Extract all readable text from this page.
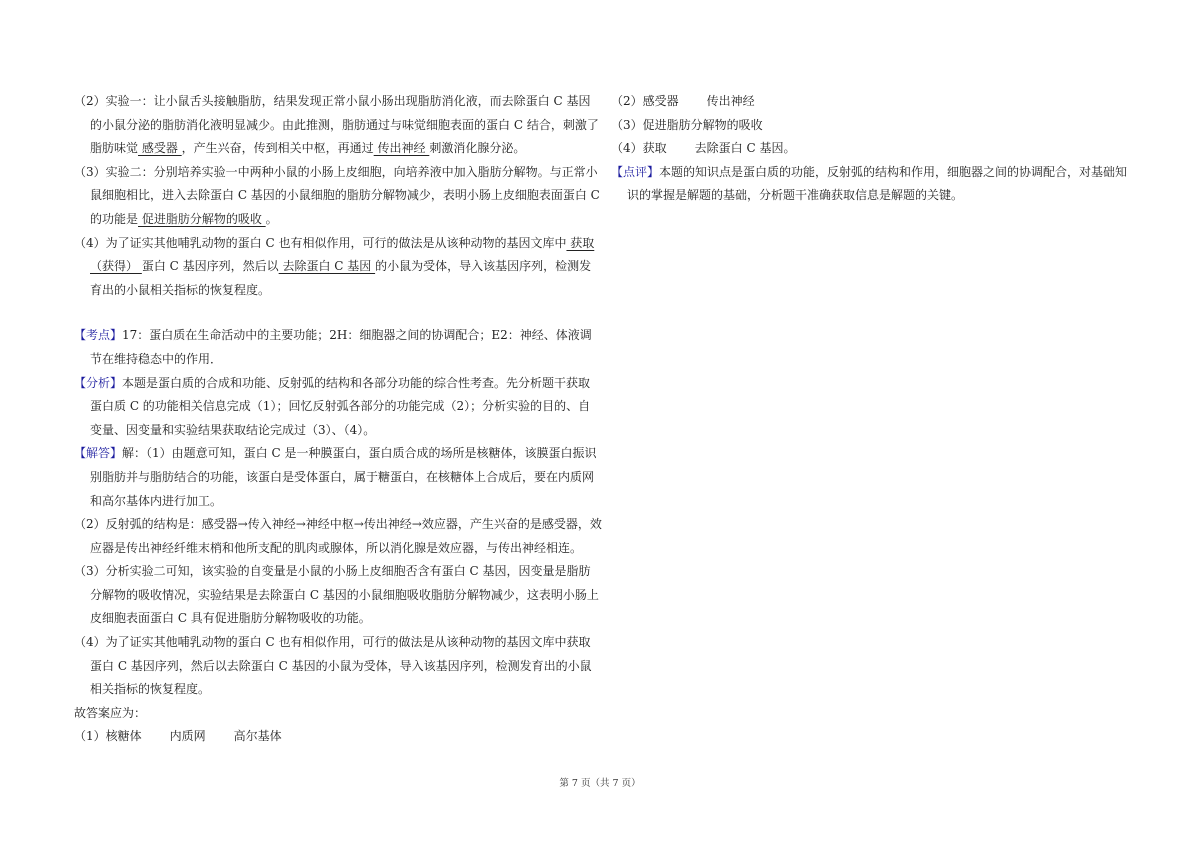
（2）实验一：让小鼠舌头接触脂肪，结果发现正常小鼠小肠出现脂肪消化液，而去除蛋白 C 基因的小鼠分泌的脂肪消化液明显减少。由此推测，脂肪通过与味觉细胞表面的蛋白 C 结合，刺激了脂肪味觉 感受器 ，产生兴奋，传到相关中枢，再通过 传出神经 刺激消化腺分泌。

（3）实验二：分别培养实验一中两种小鼠的小肠上皮细胞，向培养液中加入脂肪分解物。与正常小鼠细胞相比，进入去除蛋白 C 基因的小鼠细胞的脂肪分解物减少，表明小肠上皮细胞表面蛋白 C 的功能是 促进脂肪分解物的吸收 。

（4）为了证实其他哺乳动物的蛋白 C 也有相似作用，可行的做法是从该种动物的基因文库中 获取（获得） 蛋白 C 基因序列，然后以 去除蛋白 C 基因 的小鼠为受体，导入该基因序列，检测发育出的小鼠相关指标的恢复程度。

【考点】17：蛋白质在生命活动中的主要功能；2H：细胞器之间的协调配合；E2：神经、体液调节在维持稳态中的作用．

【分析】本题是蛋白质的合成和功能、反射弧的结构和各部分功能的综合性考查。先分析题干获取蛋白质 C 的功能相关信息完成（1）；回忆反射弧各部分的功能完成（2）；分析实验的目的、自变量、因变量和实验结果获取结论完成过（3）、（4）。

【解答】解：（1）由题意可知，蛋白 C 是一种膜蛋白，蛋白质合成的场所是核糖体，该膜蛋白振识别脂肪并与脂肪结合的功能，该蛋白是受体蛋白，属于糖蛋白，在核糖体上合成后，要在内质网和高尔基体内进行加工。

（2）反射弧的结构是：感受器→传入神经→神经中枢→传出神经→效应器，产生兴奋的是感受器，效应器是传出神经纤维末梢和他所支配的肌肉或腺体，所以消化腺是效应器，与传出神经相连。

（3）分析实验二可知，该实验的自变量是小鼠的小肠上皮细胞否含有蛋白 C 基因，因变量是脂肪分解物的吸收情况，实验结果是去除蛋白 C 基因的小鼠细胞吸收脂肪分解物减少，这表明小肠上皮细胞表面蛋白 C 具有促进脂肪分解物吸收的功能。

（4）为了证实其他哺乳动物的蛋白 C 也有相似作用，可行的做法是从该种动物的基因文库中获取蛋白 C 基因序列，然后以去除蛋白 C 基因的小鼠为受体，导入该基因序列，检测发育出的小鼠相关指标的恢复程度。

故答案应为：

（1）核糖体 内质网 高尔基体

（2）感受器 传出神经

（3）促进脂肪分解物的吸收

（4）获取 去除蛋白 C 基因。

【点评】本题的知识点是蛋白质的功能，反射弧的结构和作用，细胞器之间的协调配合，对基础知识的掌握是解题的基础，分析题干准确获取信息是解题的关键。

第 7 页（共 7 页）
